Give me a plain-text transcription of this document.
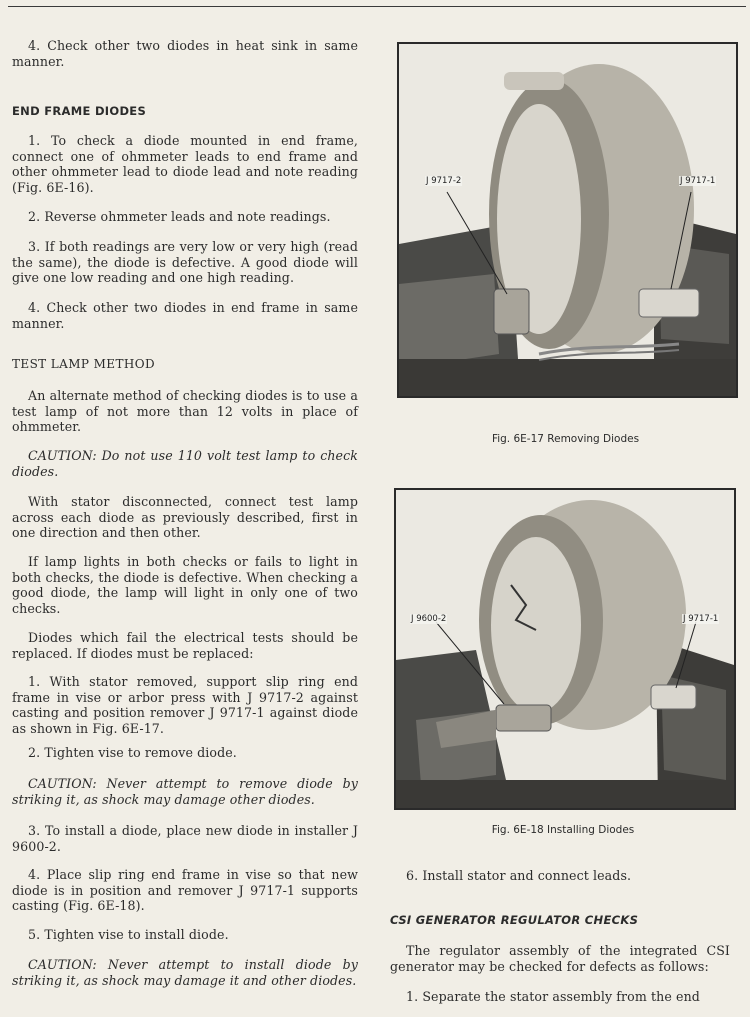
4. Check other two diodes in heat sink in same manner.

END FRAME DIODES

1. To check a diode mounted in end frame, connect one of ohmmeter leads to end frame and other ohmmeter lead to diode lead and note reading (Fig. 6E-16).

2. Reverse ohmmeter leads and note readings.

3. If both readings are very low or very high (read the same), the diode is defective. A good diode will give one low reading and one high reading.

4. Check other two diodes in end frame in same manner.

TEST LAMP METHOD

An alternate method of checking diodes is to use a test lamp of not more than 12 volts in place of ohmmeter.

CAUTION: Do not use 110 volt test lamp to check diodes.

With stator disconnected, connect test lamp across each diode as previously described, first in one direction and then other.

If lamp lights in both checks or fails to light in both checks, the diode is defective. When checking a good diode, the lamp will light in only one of two checks.

Diodes which fail the electrical tests should be replaced. If diodes must be replaced:

1. With stator removed, support slip ring end frame in vise or arbor press with J 9717-2 against casting and position remover J 9717-1 against diode as shown in Fig. 6E-17.

2. Tighten vise to remove diode.

CAUTION: Never attempt to remove diode by striking it, as shock may damage other diodes.

3. To install a diode, place new diode in installer J 9600-2.

4. Place slip ring end frame in vise so that new diode is in position and remover J 9717-1 supports casting (Fig. 6E-18).

5. Tighten vise to install diode.

CAUTION: Never attempt to install diode by striking it, as shock may damage it and other diodes.

J 9717-2	J 9717-1
Fig. 6E-17 Removing Diodes
J 9600-2	J 9717-1
Fig. 6E-18 Installing Diodes

6. Install stator and connect leads.

CSI GENERATOR REGULATOR CHECKS

The regulator assembly of the integrated CSI generator may be checked for defects as follows:

1. Separate the stator assembly from the end
